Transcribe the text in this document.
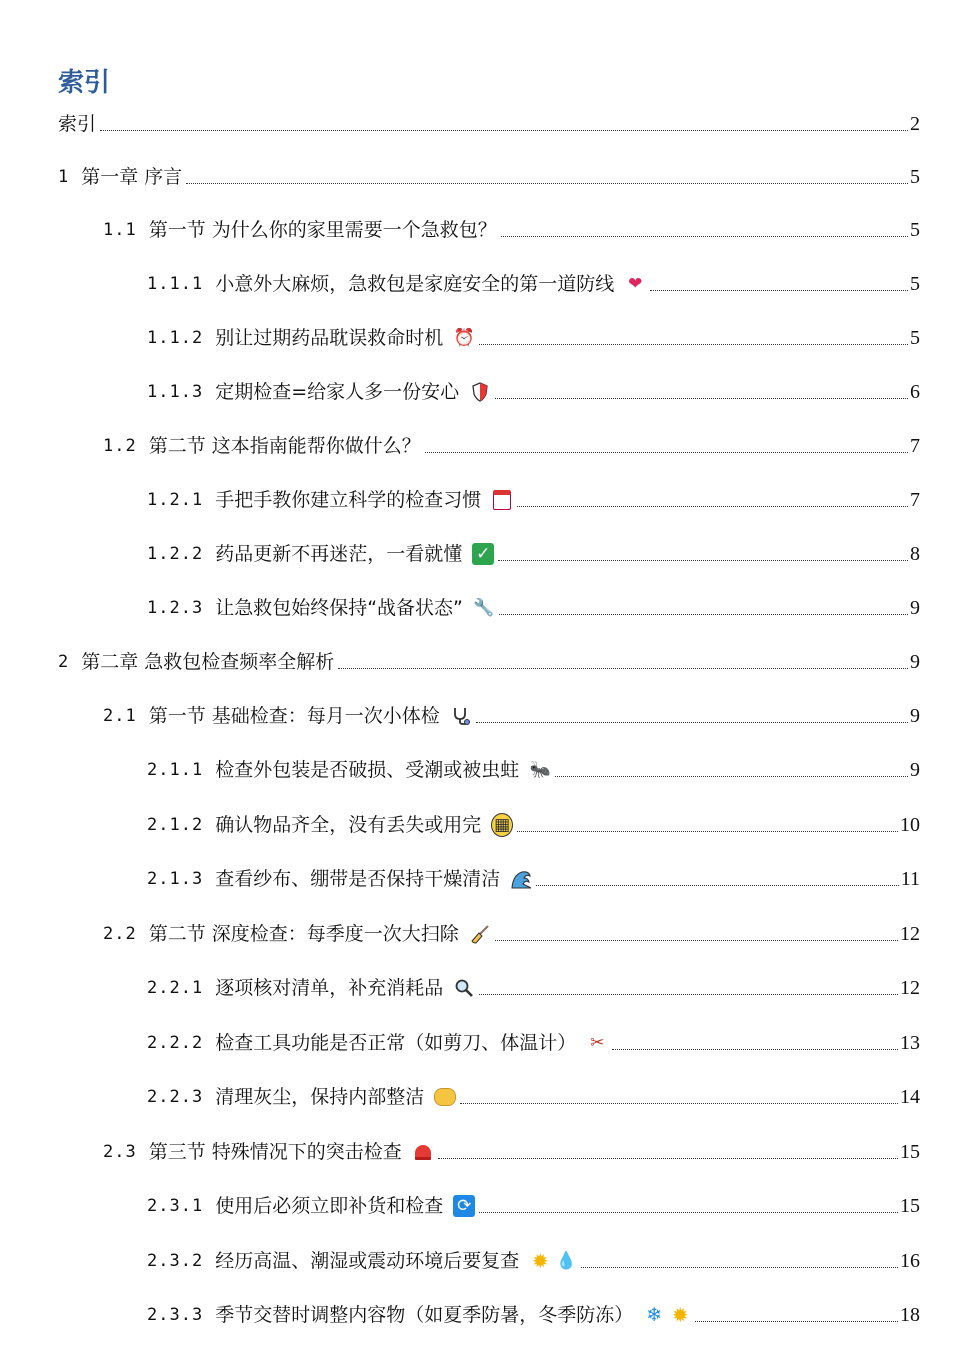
索引
索引	2
1 第一章 序言	5
1.1 第一节 为什么你的家里需要一个急救包？	5
1.1.1 小意外大麻烦，急救包是家庭安全的第一道防线 ❤	5
1.1.2 别让过期药品耽误救命时机 ⏰	5
1.1.3 定期检查=给家人多一份安心	6
1.2 第二节 这本指南能帮你做什么？	7
1.2.1 手把手教你建立科学的检查习惯	7
1.2.2 药品更新不再迷茫，一看就懂 ✓	8
1.2.3 让急救包始终保持“战备状态” 🔧	9
2 第二章 急救包检查频率全解析	9
2.1 第一节 基础检查：每月一次小体检	9
2.1.1 检查外包装是否破损、受潮或被虫蛀 🐜	9
2.1.2 确认物品齐全，没有丢失或用完 ▦	10
2.1.3 查看纱布、绷带是否保持干燥清洁	11
2.2 第二节 深度检查：每季度一次大扫除	12
2.2.1 逐项核对清单，补充消耗品	12
2.2.2 检查工具功能是否正常（如剪刀、体温计） ✂	13
2.2.3 清理灰尘，保持内部整洁	14
2.3 第三节 特殊情况下的突击检查	15
2.3.1 使用后必须立即补货和检查 ⟳	15
2.3.2 经历高温、潮湿或震动环境后要复查 ✹ 💧	16
2.3.3 季节交替时调整内容物（如夏季防暑，冬季防冻） ❄ ✹	18
